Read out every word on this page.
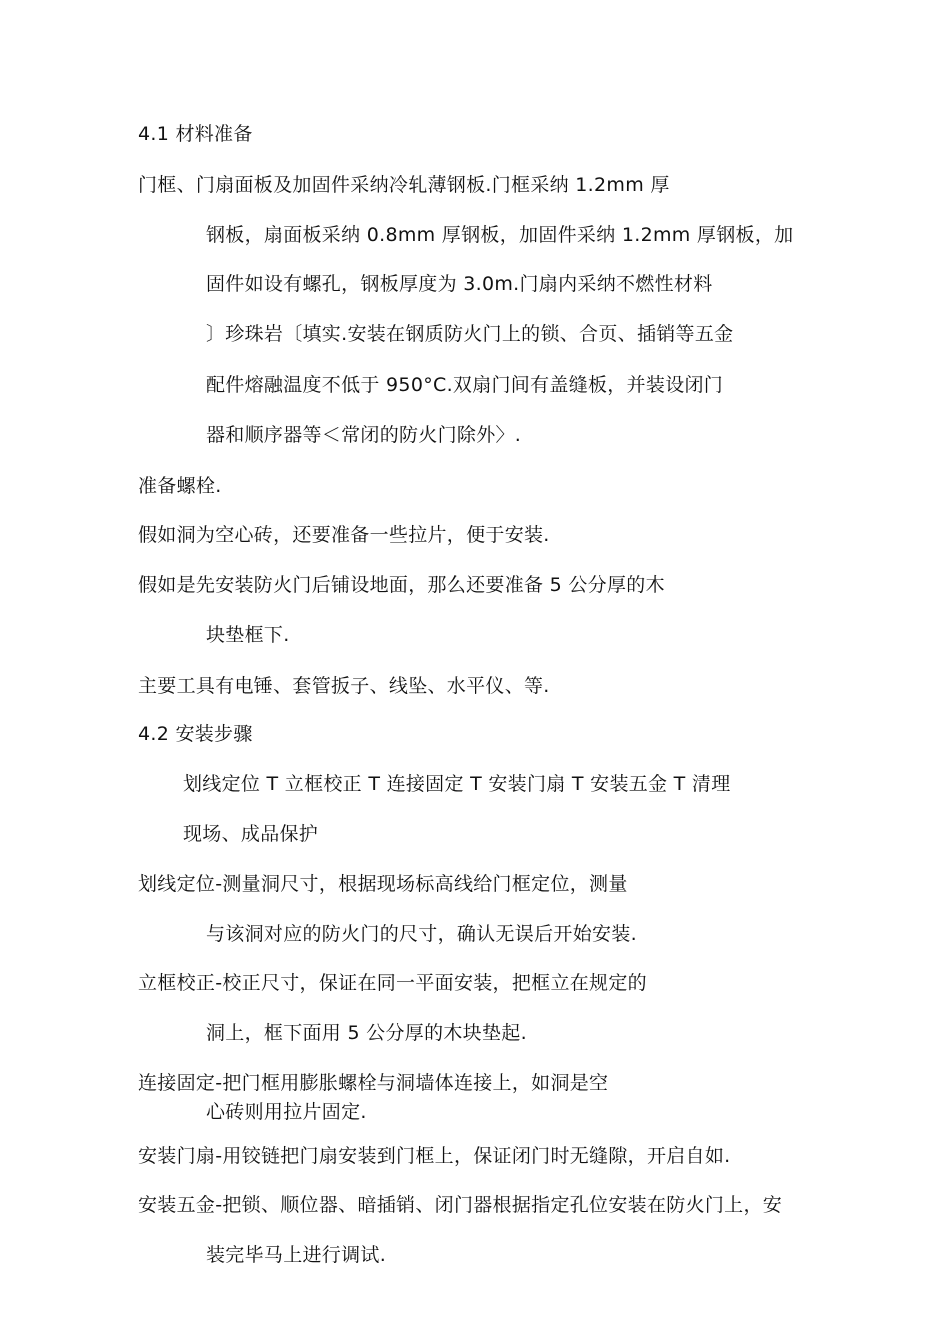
4.1 材料准备
门框、门扇面板及加固件采纳冷轧薄钢板.门框采纳 1.2mm 厚
钢板，扇面板采纳 0.8mm 厚钢板，加固件采纳 1.2mm 厚钢板，加
固件如设有螺孔，钢板厚度为 3.0m.门扇内采纳不燃性材料
〕珍珠岩〔填实.安装在钢质防火门上的锁、合页、插销等五金
配件熔融温度不低于 950°C.双扇门间有盖缝板，并装设闭门
器和顺序器等＜常闭的防火门除外〉.
准备螺栓.
假如洞为空心砖，还要准备一些拉片，便于安装.
假如是先安装防火门后铺设地面，那么还要准备 5 公分厚的木
块垫框下.
主要工具有电锤、套管扳子、线坠、水平仪、等.
4.2 安装步骤
划线定位 T 立框校正 T 连接固定 T 安装门扇 T 安装五金 T 清理
现场、成品保护
划线定位-测量洞尺寸，根据现场标高线给门框定位，测量
与该洞对应的防火门的尺寸，确认无误后开始安装.
立框校正-校正尺寸，保证在同一平面安装，把框立在规定的
洞上，框下面用 5 公分厚的木块垫起.
连接固定-把门框用膨胀螺栓与洞墙体连接上，如洞是空
心砖则用拉片固定.
安装门扇-用铰链把门扇安装到门框上，保证闭门时无缝隙，开启自如.
安装五金-把锁、顺位器、暗插销、闭门器根据指定孔位安装在防火门上，安
装完毕马上进行调试.
